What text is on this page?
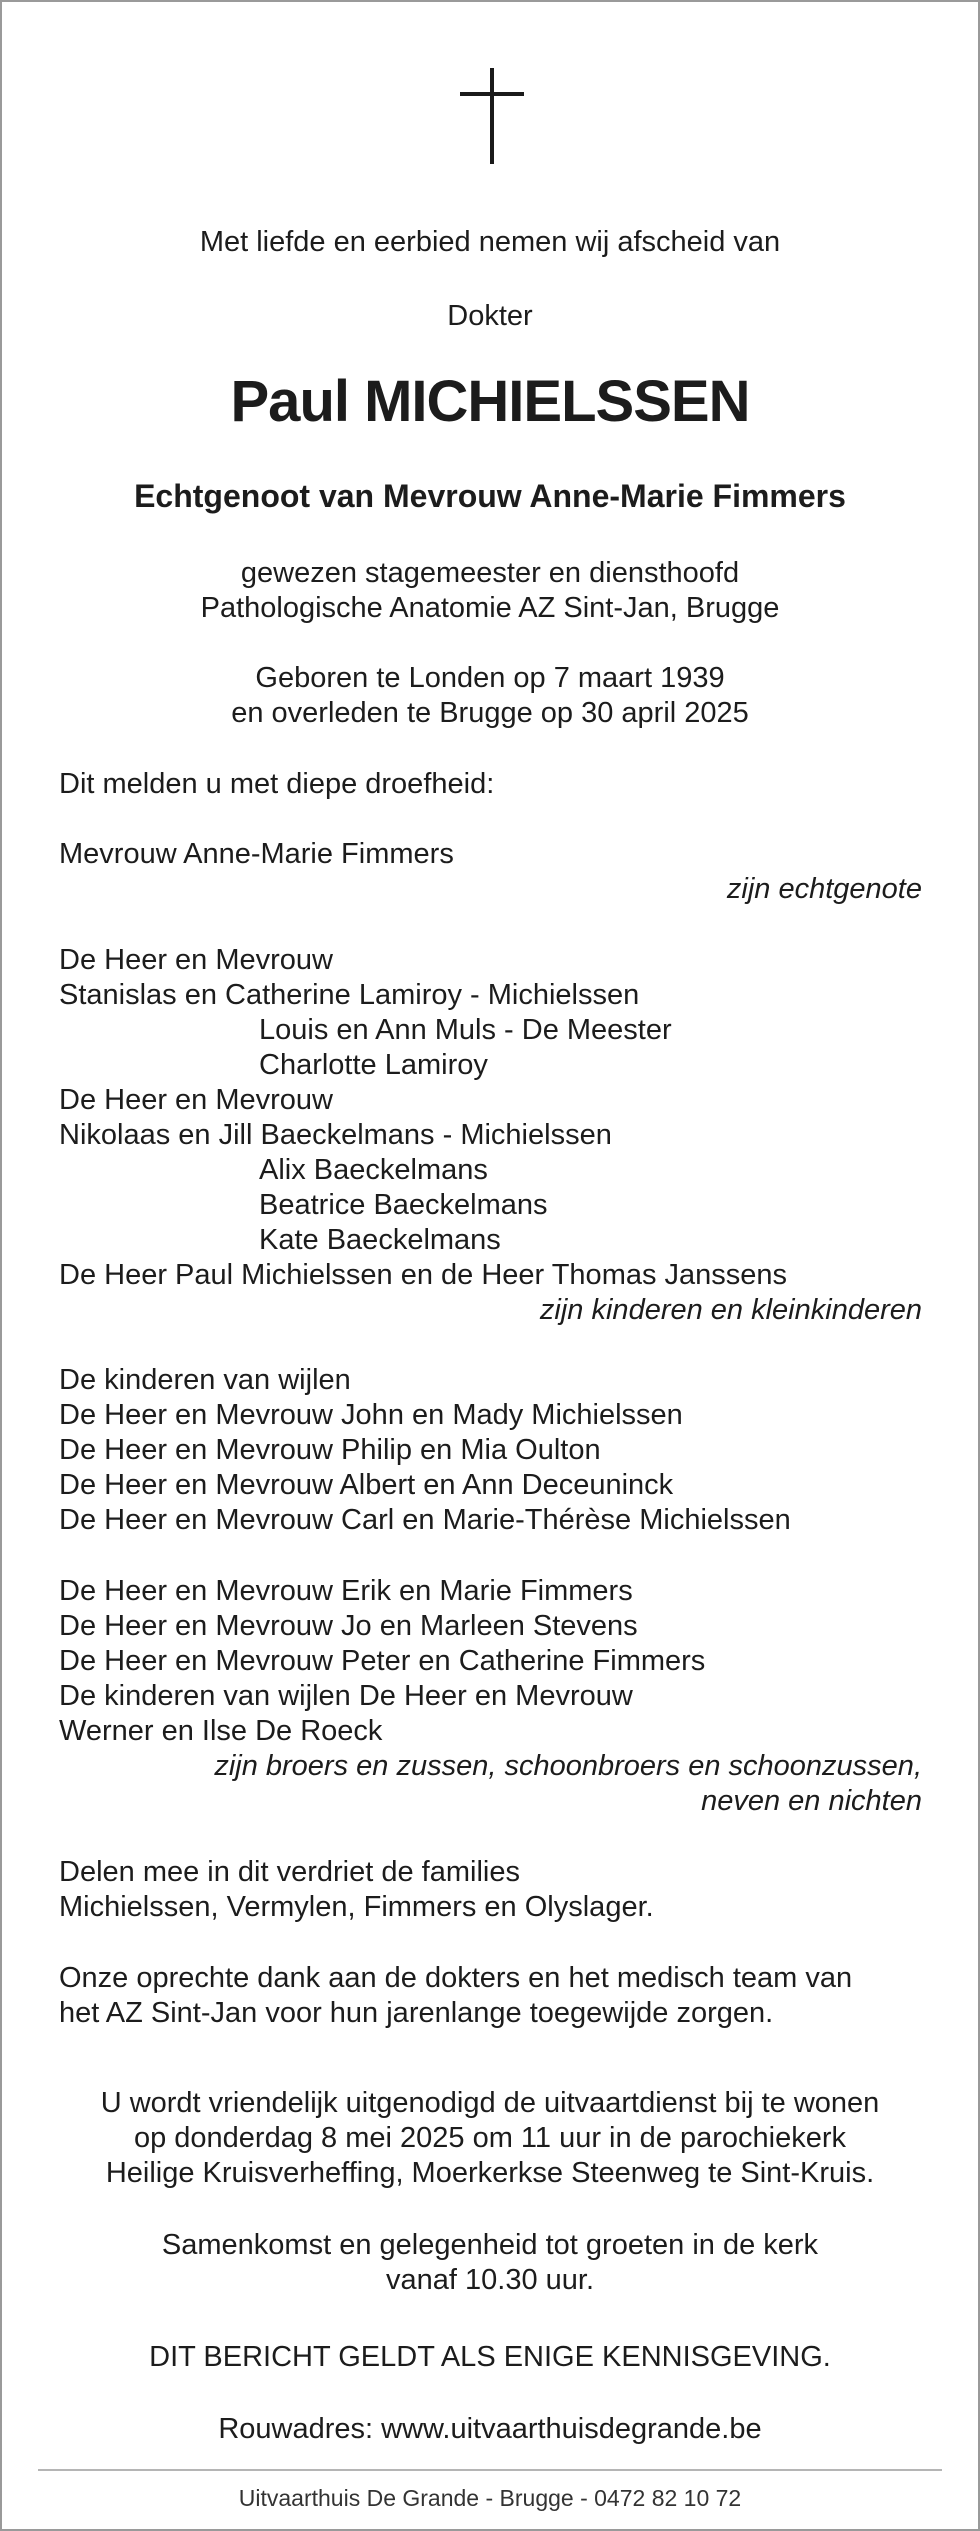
Met liefde en eerbied nemen wij afscheid van
Dokter
Paul MICHIELSSEN
Echtgenoot van Mevrouw Anne-Marie Fimmers
gewezen stagemeester en diensthoofd
Pathologische Anatomie AZ Sint-Jan, Brugge
Geboren te Londen op 7 maart 1939
en overleden te Brugge op 30 april 2025
Dit melden u met diepe droefheid:
Mevrouw Anne-Marie Fimmers
zijn echtgenote
De Heer en Mevrouw
Stanislas en Catherine Lamiroy - Michielssen
Louis en Ann Muls - De Meester
Charlotte Lamiroy
De Heer en Mevrouw
Nikolaas en Jill Baeckelmans - Michielssen
Alix Baeckelmans
Beatrice Baeckelmans
Kate Baeckelmans
De Heer Paul Michielssen en de Heer Thomas Janssens
zijn kinderen en kleinkinderen
De kinderen van wijlen
De Heer en Mevrouw John en Mady Michielssen
De Heer en Mevrouw Philip en Mia Oulton
De Heer en Mevrouw Albert en Ann Deceuninck
De Heer en Mevrouw Carl en Marie-Thérèse Michielssen
De Heer en Mevrouw Erik en Marie Fimmers
De Heer en Mevrouw Jo en Marleen Stevens
De Heer en Mevrouw Peter en Catherine Fimmers
De kinderen van wijlen De Heer en Mevrouw
Werner en Ilse De Roeck
zijn broers en zussen, schoonbroers en schoonzussen,
neven en nichten
Delen mee in dit verdriet de families
Michielssen, Vermylen, Fimmers en Olyslager.
Onze oprechte dank aan de dokters en het medisch team van
het AZ Sint-Jan voor hun jarenlange toegewijde zorgen.
U wordt vriendelijk uitgenodigd de uitvaartdienst bij te wonen
op donderdag 8 mei 2025 om 11 uur in de parochiekerk
Heilige Kruisverheffing, Moerkerkse Steenweg te Sint-Kruis.
Samenkomst en gelegenheid tot groeten in de kerk
vanaf 10.30 uur.
DIT BERICHT GELDT ALS ENIGE KENNISGEVING.
Rouwadres: www.uitvaarthuisdegrande.be
Uitvaarthuis De Grande - Brugge - 0472 82 10 72
